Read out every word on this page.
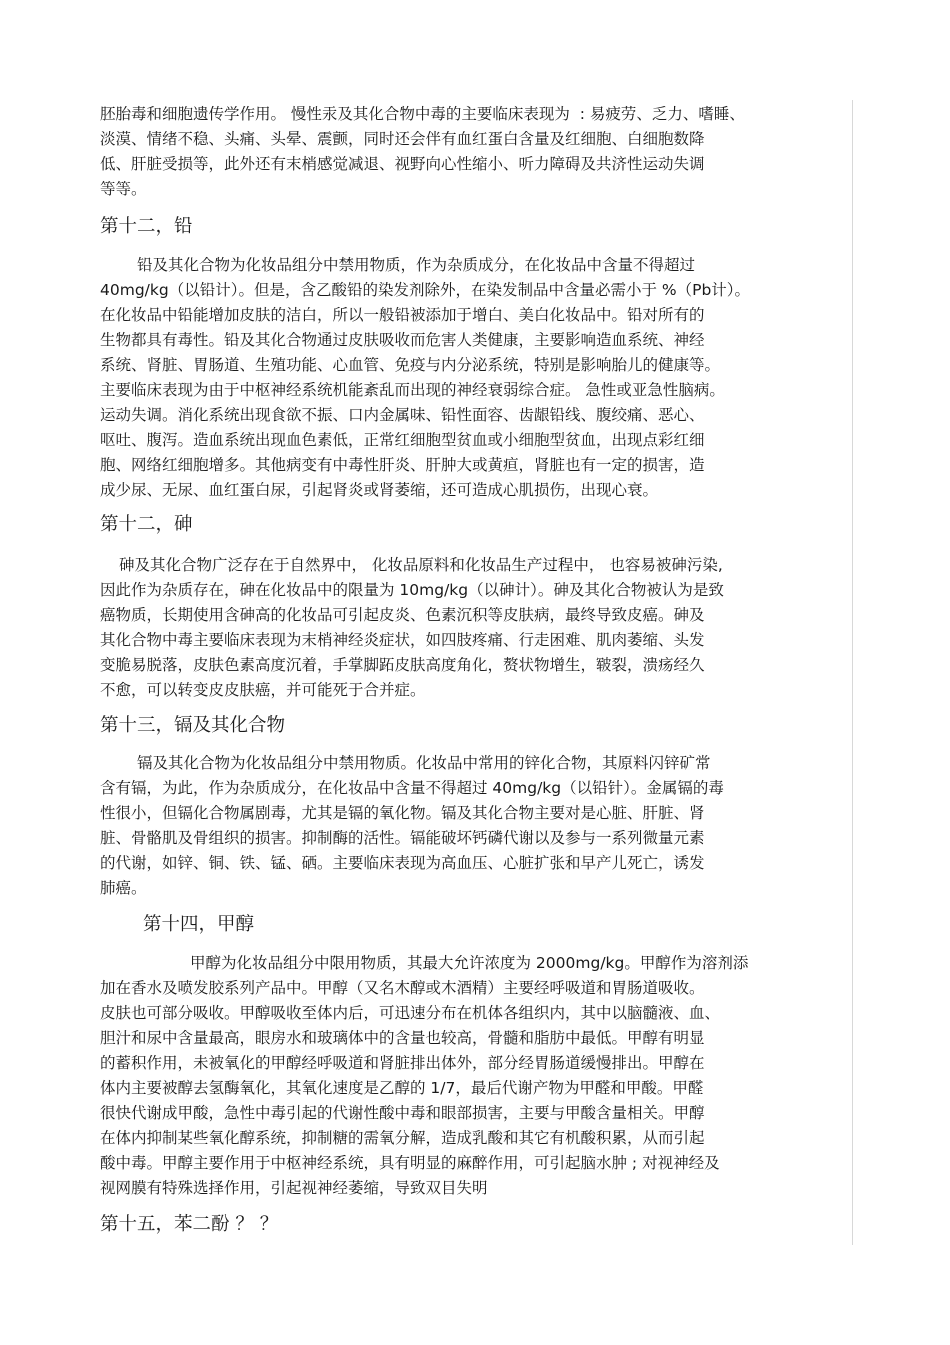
胚胎毒和细胞遗传学作用。 慢性汞及其化合物中毒的主要临床表现为  : 易疲劳、乏力、嗜睡、
淡漠、情绪不稳、头痛、头晕、震颤，同时还会伴有血红蛋白含量及红细胞、白细胞数降
低、肝脏受损等，此外还有末梢感觉减退、视野向心性缩小、听力障碍及共济性运动失调
等等。
第十二，铅
铅及其化合物为化妆品组分中禁用物质，作为杂质成分，在化妆品中含量不得超过
40mg/kg（以铅计）。但是，含乙酸铅的染发剂除外，在染发制品中含量必需小于 %（Pb计）。
在化妆品中铅能增加皮肤的洁白，所以一般铅被添加于增白、美白化妆品中。铅对所有的
生物都具有毒性。铅及其化合物通过皮肤吸收而危害人类健康，主要影响造血系统、神经
系统、肾脏、胃肠道、生殖功能、心血管、免疫与内分泌系统，特别是影响胎儿的健康等。
主要临床表现为由于中枢神经系统机能紊乱而出现的神经衰弱综合症。 急性或亚急性脑病。
运动失调。消化系统出现食欲不振、口内金属味、铅性面容、齿龈铅线、腹绞痛、恶心、
呕吐、腹泻。造血系统出现血色素低，正常红细胞型贫血或小细胞型贫血，出现点彩红细
胞、网络红细胞增多。其他病变有中毒性肝炎、肝肿大或黄疸，肾脏也有一定的损害，造
成少尿、无尿、血红蛋白尿，引起肾炎或肾萎缩，还可造成心肌损伤，出现心衰。
第十二，砷
砷及其化合物广泛存在于自然界中， 化妆品原料和化妆品生产过程中， 也容易被砷污染,
因此作为杂质存在，砷在化妆品中的限量为 10mg/kg（以砷计）。砷及其化合物被认为是致
癌物质，长期使用含砷高的化妆品可引起皮炎、色素沉积等皮肤病，最终导致皮癌。砷及
其化合物中毒主要临床表现为末梢神经炎症状，如四肢疼痛、行走困难、肌肉萎缩、头发
变脆易脱落，皮肤色素高度沉着，手掌脚跖皮肤高度角化，赘状物增生，皲裂，溃疡经久
不愈，可以转变皮皮肤癌，并可能死于合并症。
第十三，镉及其化合物
镉及其化合物为化妆品组分中禁用物质。化妆品中常用的锌化合物，其原料闪锌矿常
含有镉，为此，作为杂质成分，在化妆品中含量不得超过 40mg/kg（以铅针）。金属镉的毒
性很小，但镉化合物属剧毒，尤其是镉的氧化物。镉及其化合物主要对是心脏、肝脏、肾
脏、骨骼肌及骨组织的损害。抑制酶的活性。镉能破坏钙磷代谢以及参与一系列微量元素
的代谢，如锌、铜、铁、锰、硒。主要临床表现为高血压、心脏扩张和早产儿死亡，诱发
肺癌。
第十四，甲醇
甲醇为化妆品组分中限用物质，其最大允许浓度为 2000mg/kg。甲醇作为溶剂添
加在香水及喷发胶系列产品中。甲醇（又名木醇或木酒精）主要经呼吸道和胃肠道吸收。
皮肤也可部分吸收。甲醇吸收至体内后，可迅速分布在机体各组织内，其中以脑髓液、血、
胆汁和尿中含量最高，眼房水和玻璃体中的含量也较高，骨髓和脂肪中最低。甲醇有明显
的蓄积作用，未被氧化的甲醇经呼吸道和肾脏排出体外，部分经胃肠道缓慢排出。甲醇在
体内主要被醇去氢酶氧化，其氧化速度是乙醇的 1/7，最后代谢产物为甲醛和甲酸。甲醛
很快代谢成甲酸，急性中毒引起的代谢性酸中毒和眼部损害，主要与甲酸含量相关。甲醇
在体内抑制某些氧化醇系统，抑制糖的需氧分解，造成乳酸和其它有机酸积累，从而引起
酸中毒。甲醇主要作用于中枢神经系统，具有明显的麻醉作用，可引起脑水肿 ; 对视神经及
视网膜有特殊选择作用，引起视神经萎缩，导致双目失明
第十五，苯二酚 ？ ？
